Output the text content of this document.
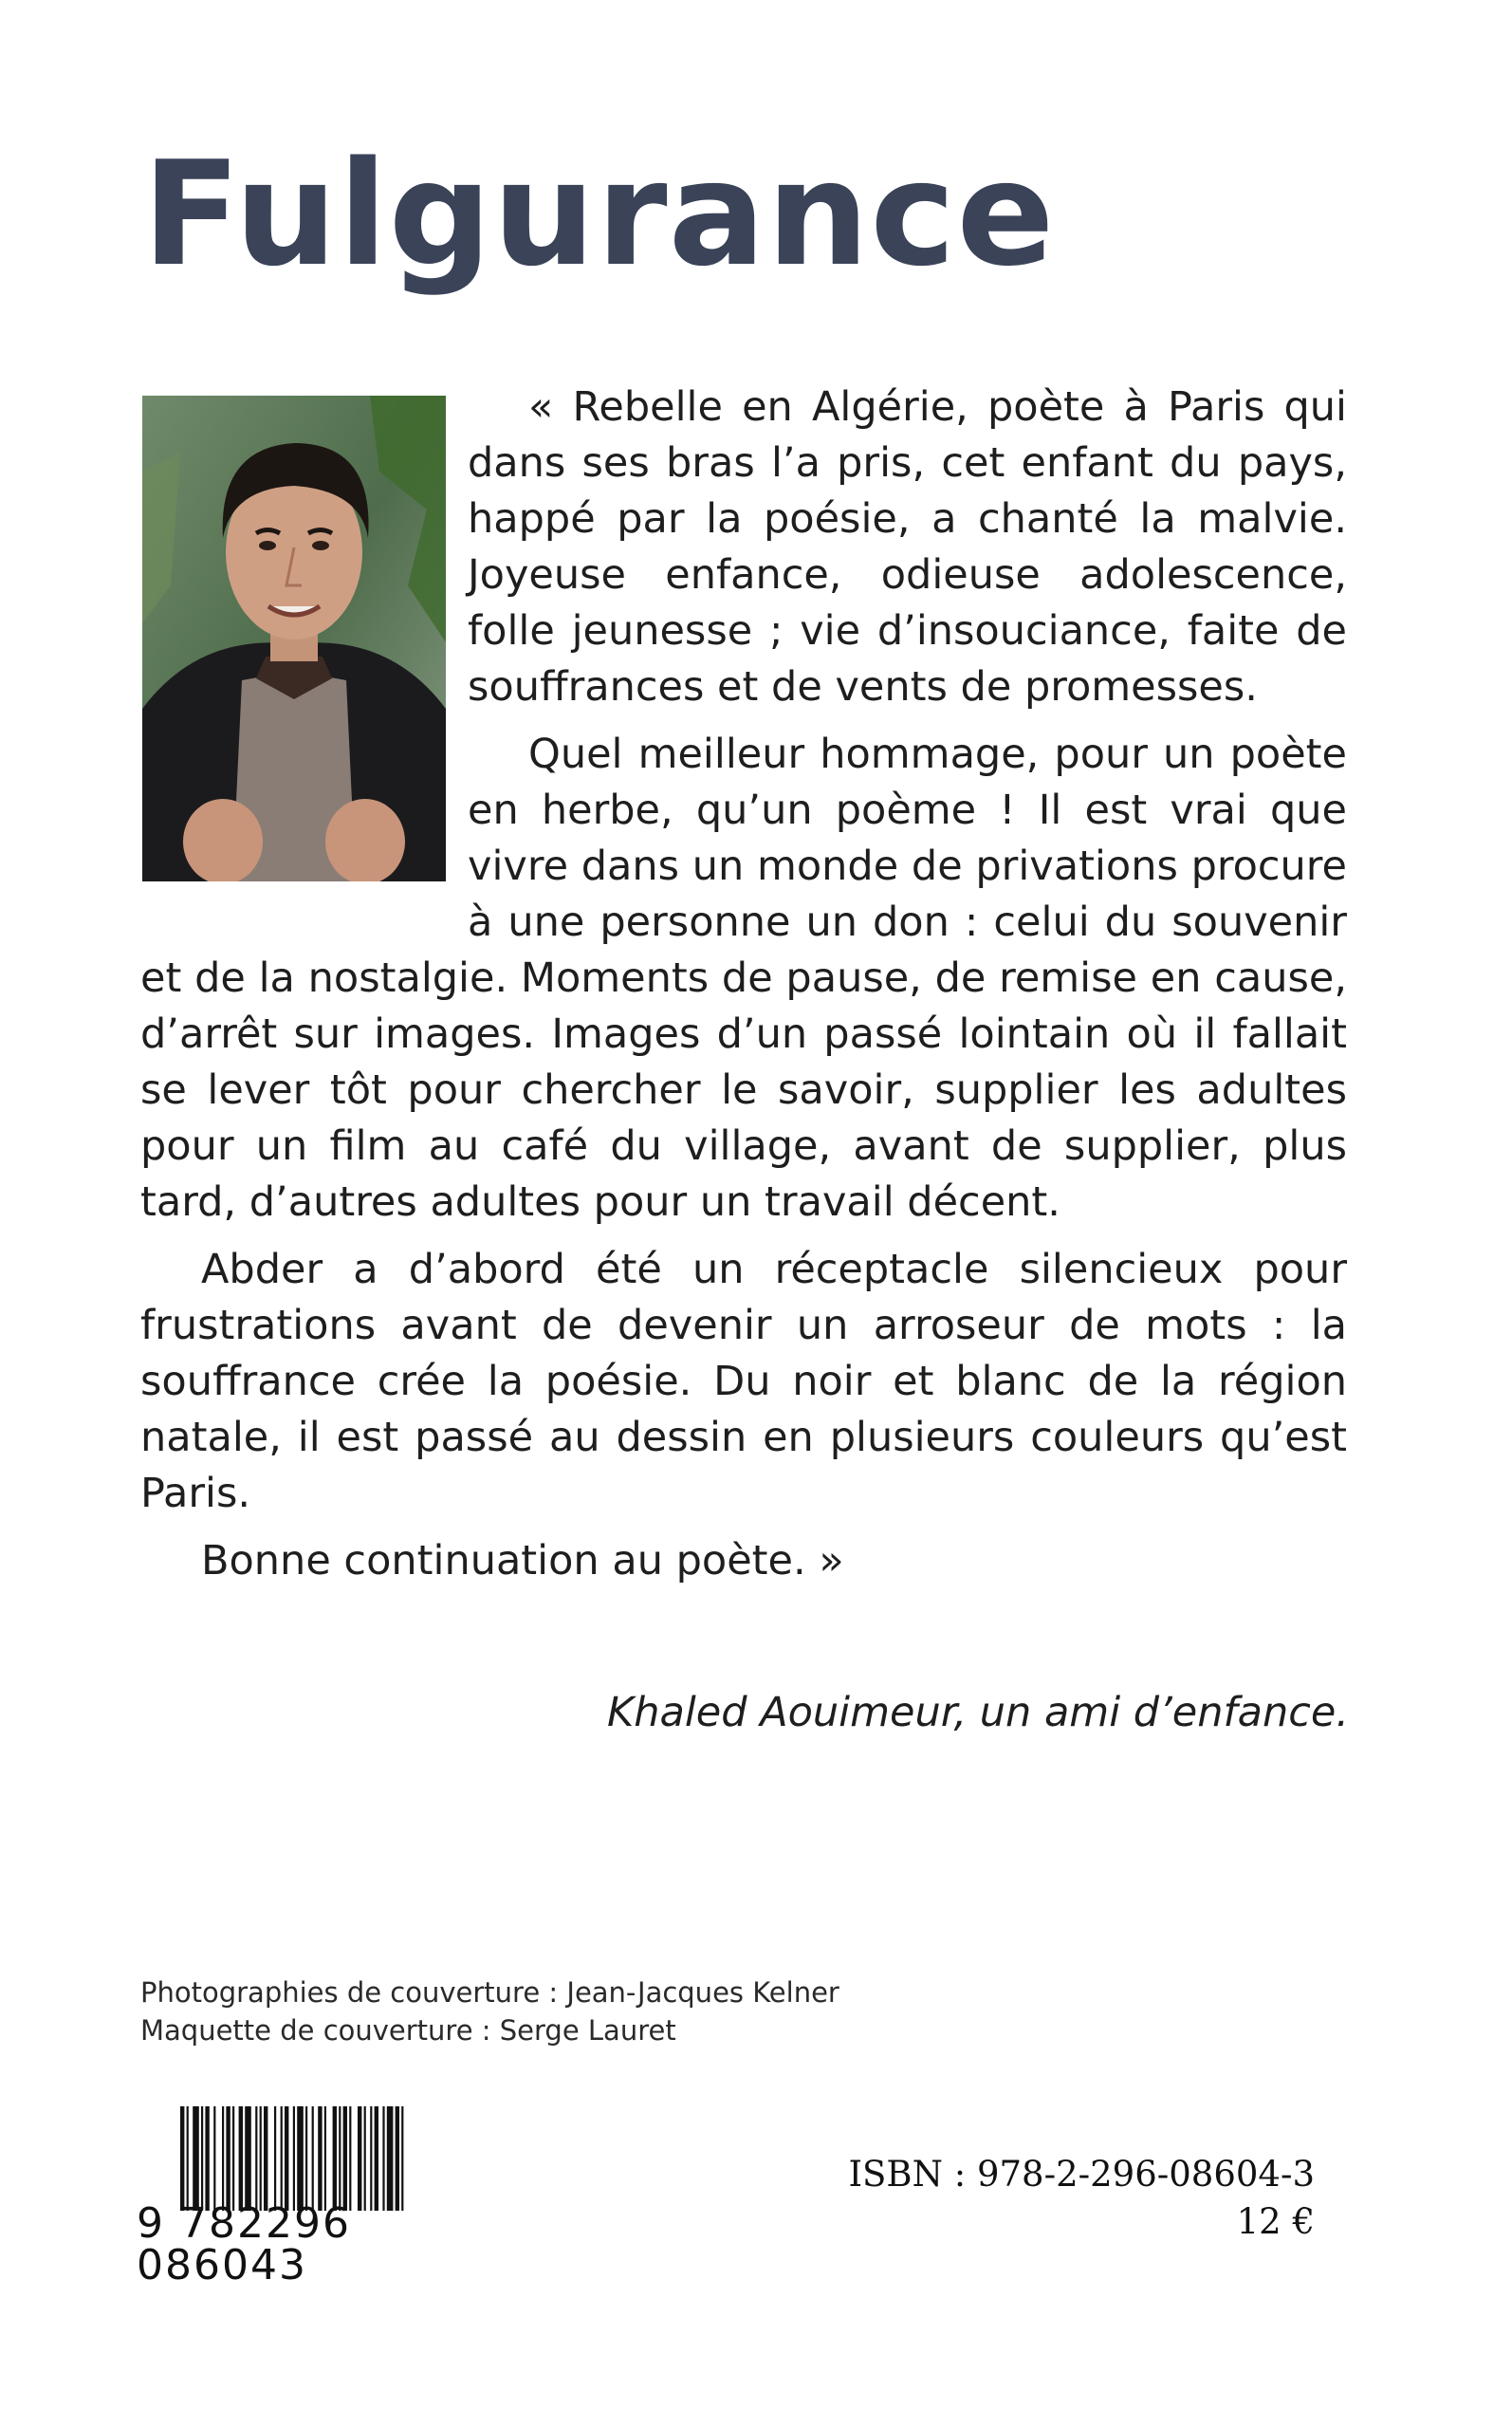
Fulgurance

« Rebelle en Algérie, poète à Paris qui dans ses bras l’a pris, cet enfant du pays, happé par la poésie, a chanté la malvie. Joyeuse enfance, odieuse adolescence, folle jeunesse ; vie d’insouciance, faite de souffrances et de vents de promesses.

Quel meilleur hommage, pour un poète en herbe, qu’un poème ! Il est vrai que vivre dans un monde de privations procure à une personne un don : celui du souvenir et de la nostalgie. Moments de pause, de remise en cause, d’arrêt sur images. Images d’un passé lointain où il fallait se lever tôt pour chercher le savoir, supplier les adultes pour un film au café du village, avant de supplier, plus tard, d’autres adultes pour un travail décent.

Abder a d’abord été un réceptacle silencieux pour frustrations avant de devenir un arroseur de mots : la souffrance crée la poésie. Du noir et blanc de la région natale, il est passé au dessin en plusieurs couleurs qu’est Paris.

Bonne continuation au poète. »

Khaled Aouimeur, un ami d’enfance.

Photographies de couverture : Jean-Jacques Kelner
Maquette de couverture : Serge Lauret
9 782296 086043

ISBN : 978-2-296-08604-3

12 €
